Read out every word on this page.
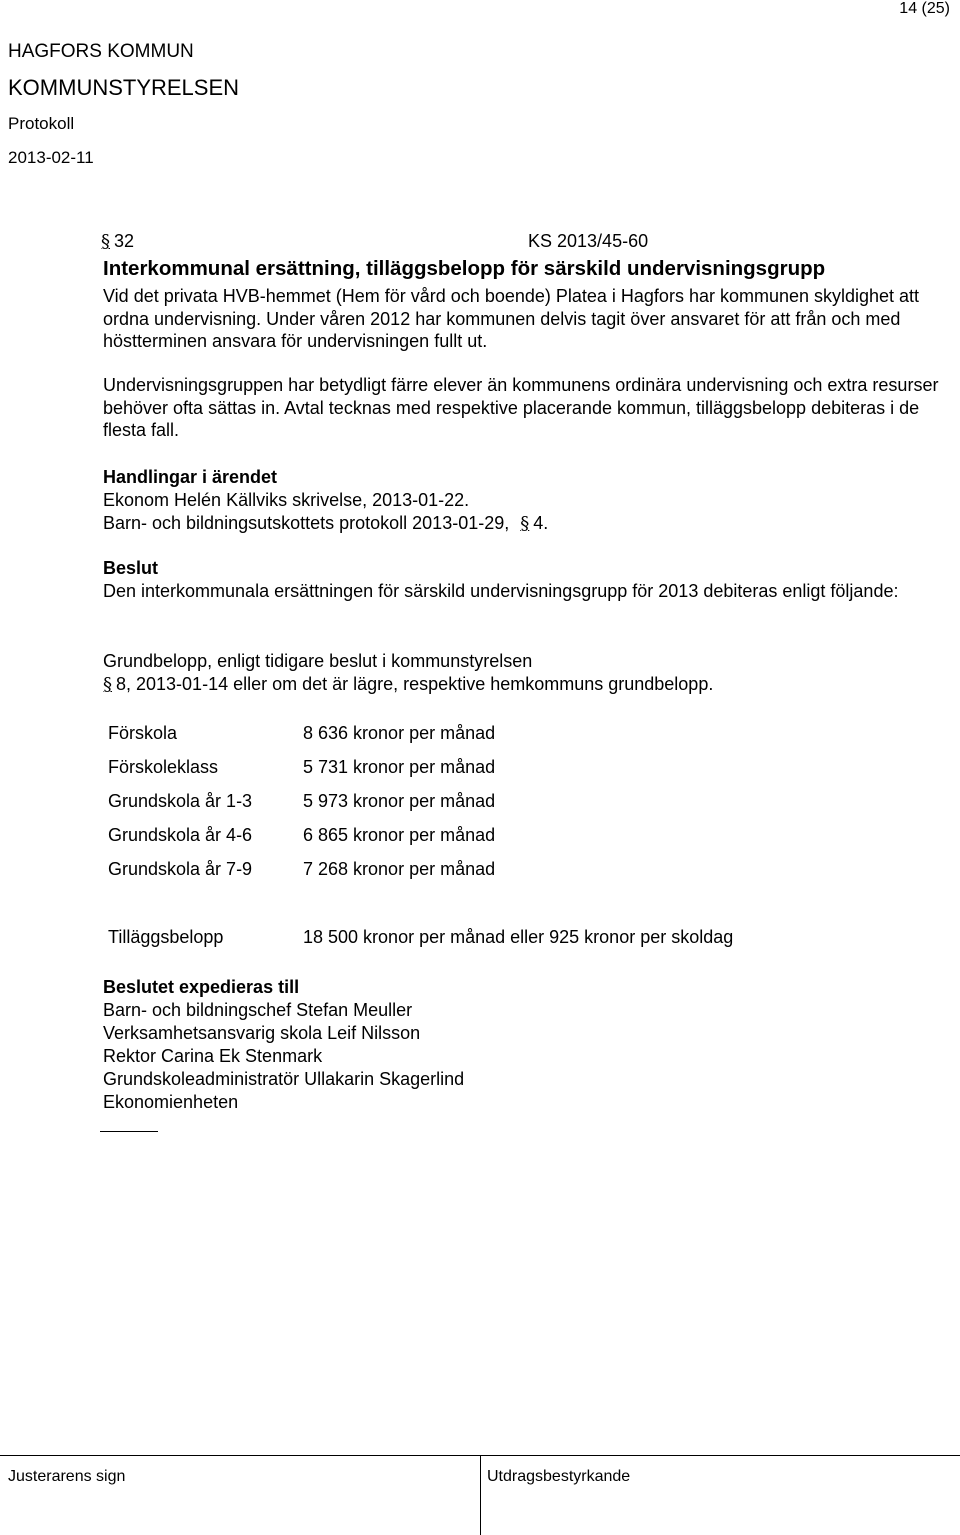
14 (25)
HAGFORS KOMMUN
KOMMUNSTYRELSEN
Protokoll
2013-02-11
§ 32	KS 2013/45-60
Interkommunal ersättning, tilläggsbelopp för särskild undervisningsgrupp

Vid det privata HVB-hemmet (Hem för vård och boende) Platea i Hagfors har kommunen skyldighet att ordna undervisning. Under våren 2012 har kommunen delvis tagit över ansvaret för att från och med höstterminen ansvara för undervisningen fullt ut.

Undervisningsgruppen har betydligt färre elever än kommunens ordinära undervisning och extra resurser behöver ofta sättas in. Avtal tecknas med respektive placerande kommun, tilläggsbelopp debiteras i de flesta fall.

Handlingar i ärendet
Ekonom Helén Källviks skrivelse, 2013-01-22.
Barn- och bildningsutskottets protokoll 2013-01-29, § 4.
Beslut

Den interkommunala ersättningen för särskild undervisningsgrupp för 2013 debiteras enligt följande:

Grundbelopp, enligt tidigare beslut i kommunstyrelsen
§ 8, 2013-01-14 eller om det är lägre, respektive hemkommuns grundbelopp.
Förskola	8 636 kronor per månad
Förskoleklass	5 731 kronor per månad
Grundskola år 1-3	5 973 kronor per månad
Grundskola år 4-6	6 865 kronor per månad
Grundskola år 7-9	7 268 kronor per månad
Tilläggsbelopp	18 500 kronor per månad eller 925 kronor per skoldag
Beslutet expedieras till
Barn- och bildningschef Stefan Meuller
Verksamhetsansvarig skola Leif Nilsson
Rektor Carina Ek Stenmark
Grundskoleadministratör Ullakarin Skagerlind
Ekonomienheten
Justerarens sign	Utdragsbestyrkande
